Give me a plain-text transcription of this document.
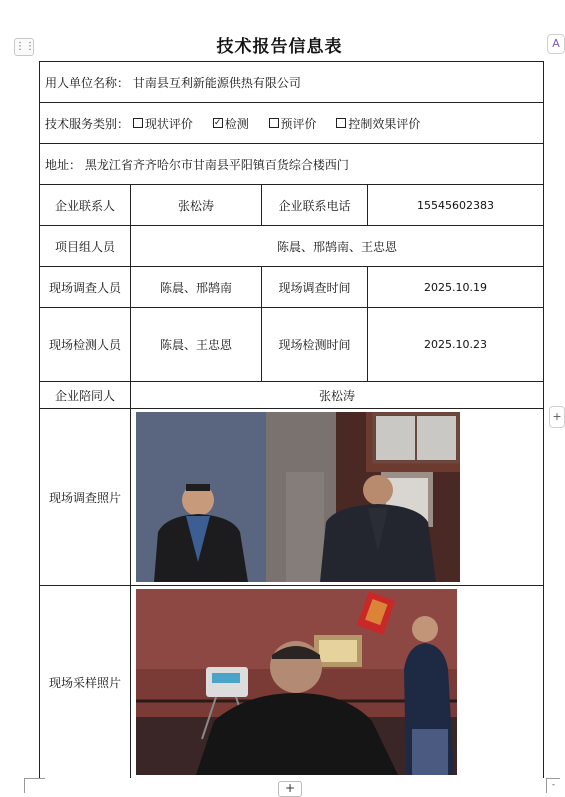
⋮⋮	A
+
技术报告信息表
用人单位名称： 甘南县互利新能源供热有限公司			
技术服务类别： 现状评价 ✓ 检测 预评价 控制效果评价			
地址： 黑龙江省齐齐哈尔市甘南县平阳镇百货综合楼西门			
企业联系人	张松涛	企业联系电话	15545602383
项目组人员	陈晨、邢鹄南、王忠恩		
现场调查人员	陈晨、邢鹄南	现场调查时间	2025.10.19
现场检测人员	陈晨、王忠恩	现场检测时间	2025.10.23
企业陪同人	张松涛		
现场调查照片	

现场采样照片	
+	-
